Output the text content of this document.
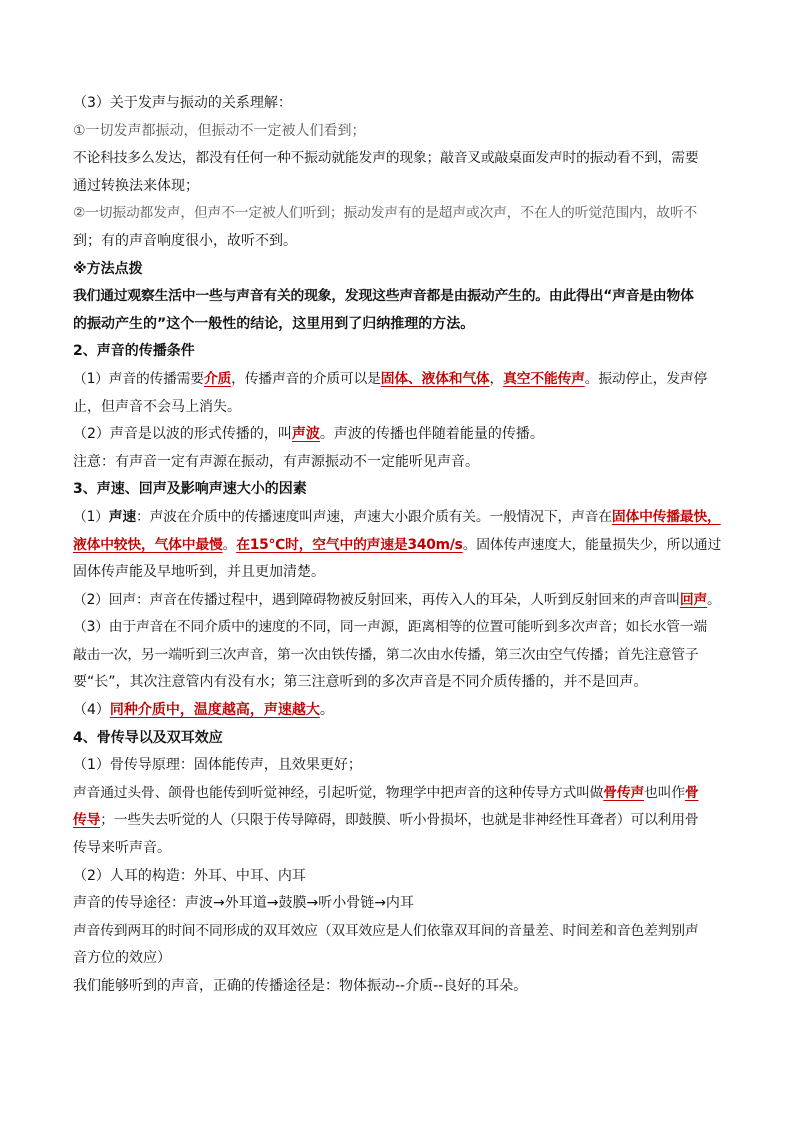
（3）关于发声与振动的关系理解：
①一切发声都振动，但振动不一定被人们看到；
不论科技多么发达，都没有任何一种不振动就能发声的现象；敲音叉或敲桌面发声时的振动看不到，需要
通过转换法来体现；
②一切振动都发声，但声不一定被人们听到；振动发声有的是超声或次声，不在人的听觉范围内，故听不
到；有的声音响度很小，故听不到。
※方法点拨
我们通过观察生活中一些与声音有关的现象，发现这些声音都是由振动产生的。由此得出“声音是由物体
的振动产生的”这个一般性的结论，这里用到了归纳推理的方法。
2、声音的传播条件
（1）声音的传播需要介质，传播声音的介质可以是固体、液体和气体，真空不能传声。振动停止，发声停
止，但声音不会马上消失。
（2）声音是以波的形式传播的，叫声波。声波的传播也伴随着能量的传播。
注意：有声音一定有声源在振动，有声源振动不一定能听见声音。
3、声速、回声及影响声速大小的因素
（1）声速：声波在介质中的传播速度叫声速，声速大小跟介质有关。一般情况下，声音在固体中传播最快，
液体中较快，气体中最慢。在15℃时，空气中的声速是340m/s。固体传声速度大，能量损失少，所以通过
固体传声能及早地听到，并且更加清楚。
（2）回声：声音在传播过程中，遇到障碍物被反射回来，再传入人的耳朵，人听到反射回来的声音叫回声。
（3）由于声音在不同介质中的速度的不同，同一声源，距离相等的位置可能听到多次声音；如长水管一端
敲击一次，另一端听到三次声音，第一次由铁传播，第二次由水传播，第三次由空气传播；首先注意管子
要“长”，其次注意管内有没有水；第三注意听到的多次声音是不同介质传播的，并不是回声。
（4）同种介质中，温度越高，声速越大。
4、骨传导以及双耳效应
（1）骨传导原理：固体能传声，且效果更好；
声音通过头骨、颌骨也能传到听觉神经，引起听觉，物理学中把声音的这种传导方式叫做骨传声也叫作骨
传导；一些失去听觉的人（只限于传导障碍，即鼓膜、听小骨损坏，也就是非神经性耳聋者）可以利用骨
传导来听声音。
（2）人耳的构造：外耳、中耳、内耳
声音的传导途径：声波→外耳道→鼓膜→听小骨链→内耳
声音传到两耳的时间不同形成的双耳效应（双耳效应是人们依靠双耳间的音量差、时间差和音色差判别声
音方位的效应）
我们能够听到的声音，正确的传播途径是：物体振动--介质--良好的耳朵。
